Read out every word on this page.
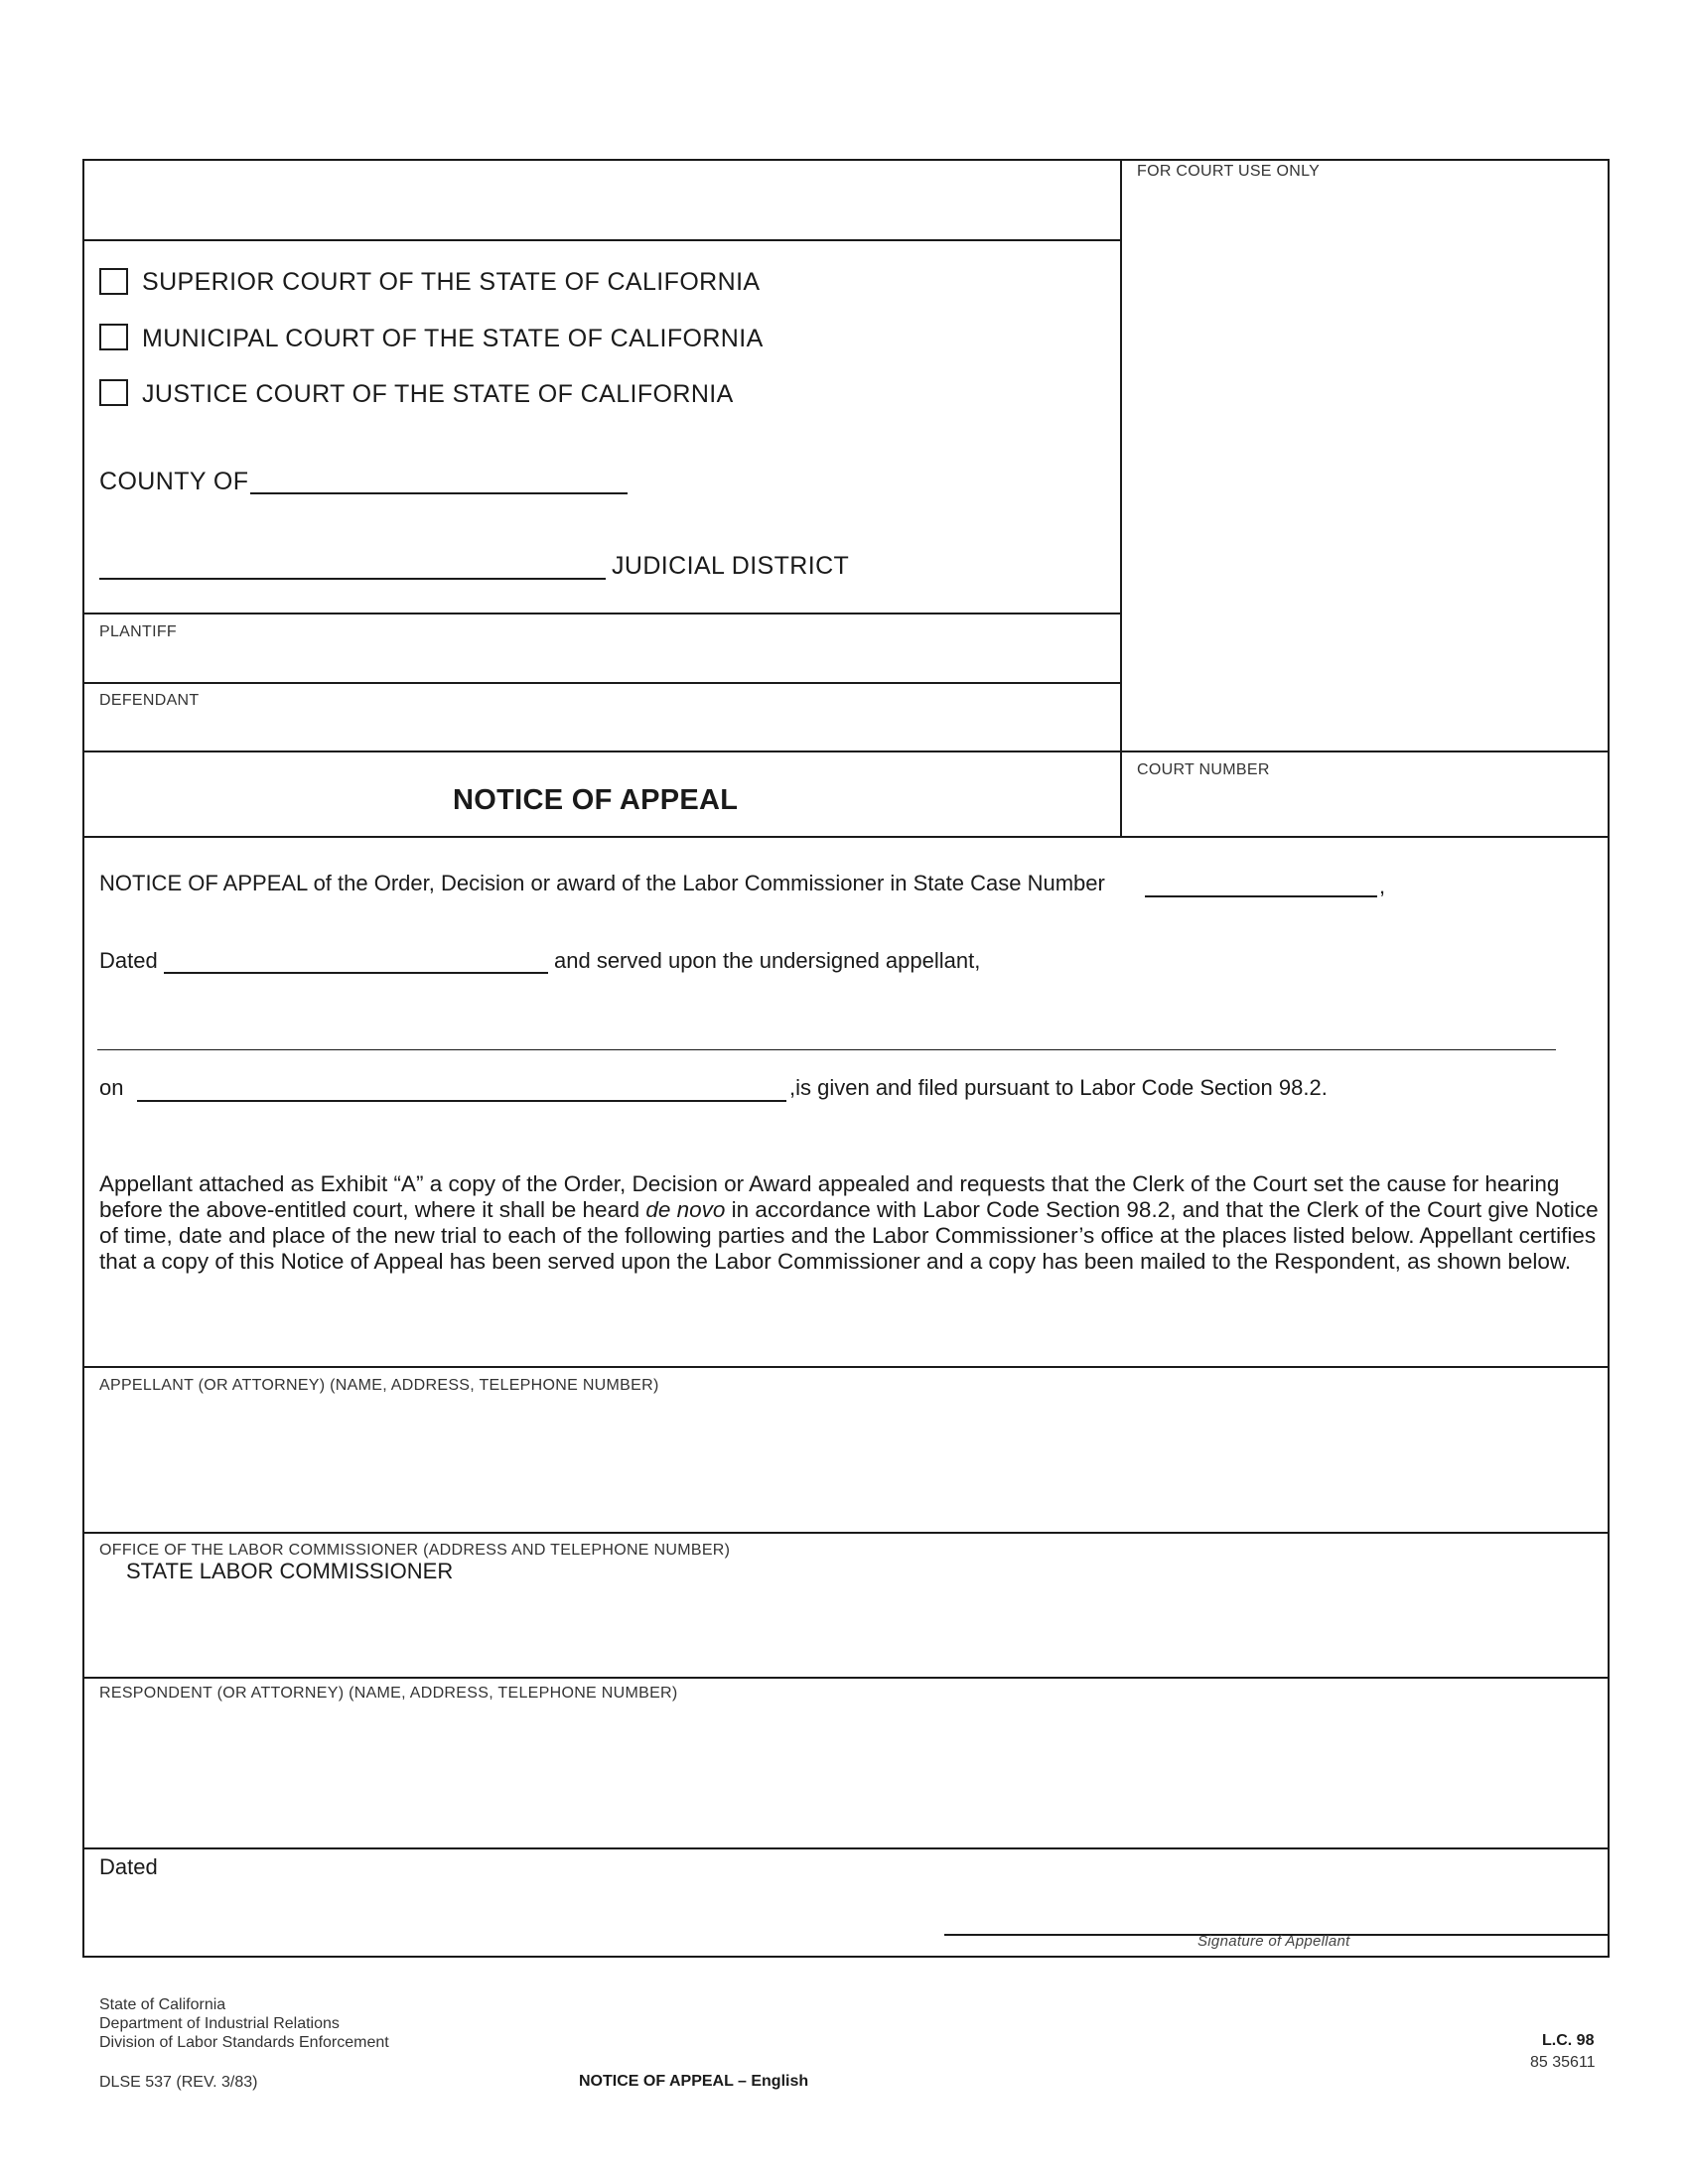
FOR COURT USE ONLY
SUPERIOR COURT OF THE STATE OF CALIFORNIA
MUNICIPAL COURT OF THE STATE OF CALIFORNIA
JUSTICE COURT OF THE STATE OF CALIFORNIA
COUNTY OF
JUDICIAL DISTRICT
PLANTIFF
DEFENDANT
NOTICE OF APPEAL
COURT NUMBER
NOTICE OF APPEAL of the Order, Decision or award of the Labor Commissioner in State Case Number	,
Dated	and served upon the undersigned appellant,
on	,is given and filed pursuant to Labor Code Section 98.2.
Appellant attached as Exhibit “A” a copy of the Order, Decision or Award appealed and requests that the Clerk of the Court set the cause for hearing
before the above-entitled court, where it shall be heard de novo in accordance with Labor Code Section 98.2, and that the Clerk of the Court give Notice
of time, date and place of the new trial to each of the following parties and the Labor Commissioner’s office at the places listed below. Appellant certifies
that a copy of this Notice of Appeal has been served upon the Labor Commissioner and a copy has been mailed to the Respondent, as shown below.
APPELLANT (OR ATTORNEY) (NAME, ADDRESS, TELEPHONE NUMBER)
OFFICE OF THE LABOR COMMISSIONER (ADDRESS AND TELEPHONE NUMBER)
STATE LABOR COMMISSIONER
RESPONDENT (OR ATTORNEY) (NAME, ADDRESS, TELEPHONE NUMBER)
Dated
Signature of Appellant
State of California
Department of Industrial Relations
Division of Labor Standards Enforcement
DLSE 537 (REV. 3/83)	NOTICE OF APPEAL – English
L.C. 98
85 35611
